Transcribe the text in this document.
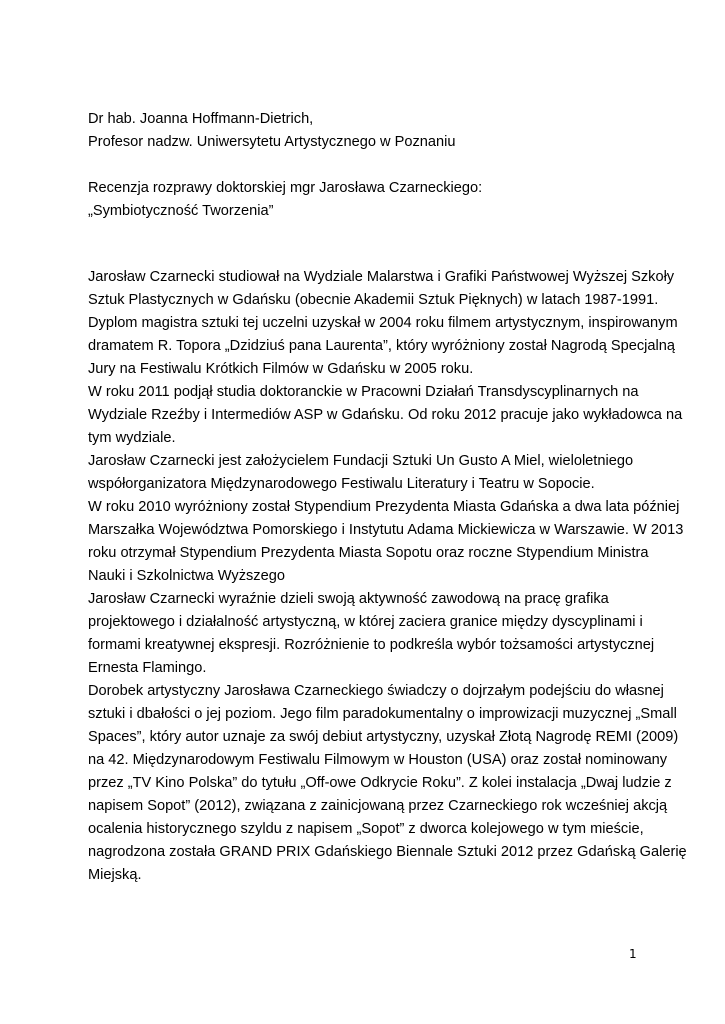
Dr hab. Joanna Hoffmann-Dietrich,
Profesor nadzw. Uniwersytetu Artystycznego w Poznaniu
Recenzja rozprawy doktorskiej mgr Jarosława Czarneckiego:
„Symbiotyczność Tworzenia”
Jarosław Czarnecki studiował na Wydziale Malarstwa i Grafiki Państwowej Wyższej Szkoły
Sztuk Plastycznych w Gdańsku (obecnie Akademii Sztuk Pięknych) w latach 1987-1991.
Dyplom magistra sztuki tej uczelni uzyskał w 2004 roku filmem artystycznym, inspirowanym
dramatem R. Topora „Dzidziuś pana Laurenta”, który wyróżniony został Nagrodą Specjalną
Jury na Festiwalu Krótkich Filmów w Gdańsku w 2005 roku.
W roku 2011 podjął studia doktoranckie w Pracowni Działań Transdyscyplinarnych na
Wydziale Rzeźby i Intermediów ASP w Gdańsku. Od roku 2012 pracuje jako wykładowca na
tym wydziale.
Jarosław Czarnecki jest założycielem Fundacji Sztuki Un Gusto A Miel, wieloletniego
współorganizatora Międzynarodowego Festiwalu Literatury i Teatru w Sopocie.
W roku 2010 wyróżniony został Stypendium Prezydenta Miasta Gdańska a dwa lata później
Marszałka Województwa Pomorskiego i Instytutu Adama Mickiewicza w Warszawie. W 2013
roku otrzymał Stypendium Prezydenta Miasta Sopotu oraz roczne Stypendium Ministra
Nauki i Szkolnictwa Wyższego
Jarosław Czarnecki wyraźnie dzieli swoją aktywność zawodową na pracę grafika
projektowego i działalność artystyczną, w której zaciera granice między dyscyplinami i
formami kreatywnej ekspresji. Rozróżnienie to podkreśla wybór tożsamości artystycznej
Ernesta Flamingo.
Dorobek artystyczny Jarosława Czarneckiego świadczy o dojrzałym podejściu do własnej
sztuki i dbałości o jej poziom. Jego film paradokumentalny o improwizacji muzycznej „Small
Spaces”, który autor uznaje za swój debiut artystyczny, uzyskał Złotą Nagrodę REMI (2009)
na 42. Międzynarodowym Festiwalu Filmowym w Houston (USA) oraz został nominowany
przez „TV Kino Polska” do tytułu „Off-owe Odkrycie Roku”. Z kolei instalacja „Dwaj ludzie z
napisem Sopot” (2012), związana z zainicjowaną przez Czarneckiego rok wcześniej akcją
ocalenia historycznego szyldu z napisem „Sopot” z dworca kolejowego w tym mieście,
nagrodzona została GRAND PRIX Gdańskiego Biennale Sztuki 2012 przez Gdańską Galerię
Miejską.
1
